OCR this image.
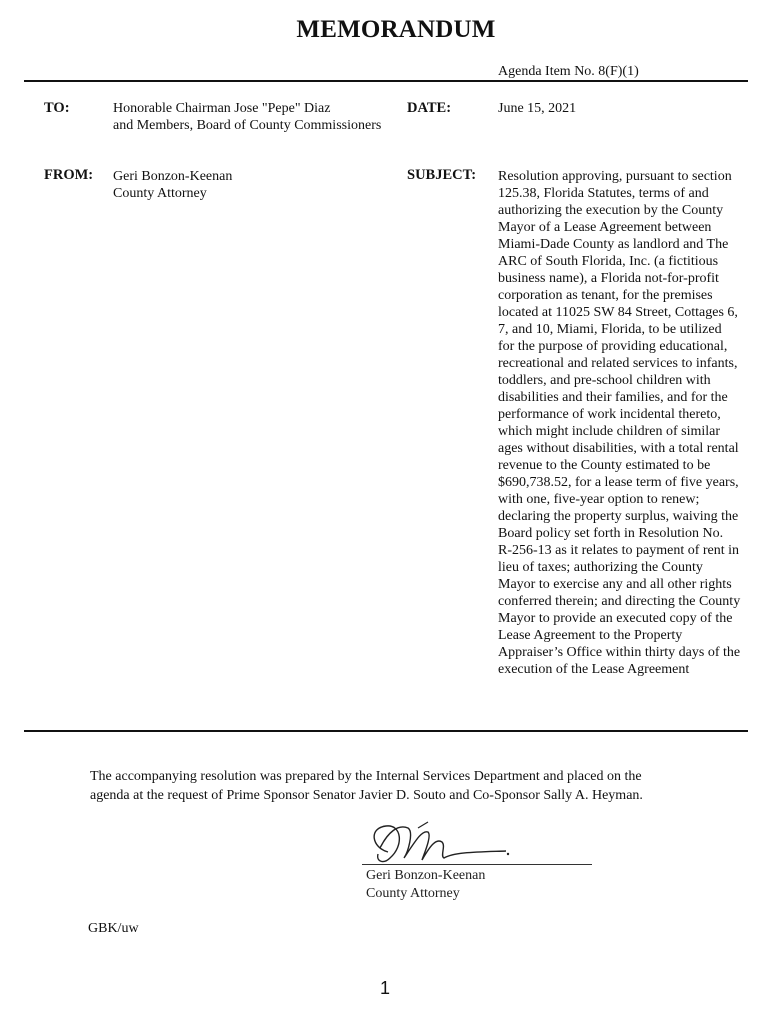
MEMORANDUM
Agenda Item No. 8(F)(1)
TO:	Honorable Chairman Jose "Pepe" Diaz
and Members, Board of County Commissioners
DATE:	June 15, 2021
FROM: Geri Bonzon-Keenan
County Attorney
SUBJECT: Resolution approving, pursuant to section
125.38, Florida Statutes, terms of and
authorizing the execution by the County
Mayor of a Lease Agreement between
Miami-Dade County as landlord and The
ARC of South Florida, Inc. (a fictitious
business name), a Florida not-for-profit
corporation as tenant, for the premises
located at 11025 SW 84 Street, Cottages 6,
7, and 10, Miami, Florida, to be utilized
for the purpose of providing educational,
recreational and related services to infants,
toddlers, and pre-school children with
disabilities and their families, and for the
performance of work incidental thereto,
which might include children of similar
ages without disabilities, with a total rental
revenue to the County estimated to be
$690,738.52, for a lease term of five years,
with one, five-year option to renew;
declaring the property surplus, waiving the
Board policy set forth in Resolution No.
R-256-13 as it relates to payment of rent in
lieu of taxes; authorizing the County
Mayor to exercise any and all other rights
conferred therein; and directing the County
Mayor to provide an executed copy of the
Lease Agreement to the Property
Appraiser’s Office within thirty days of the
execution of the Lease Agreement
The accompanying resolution was prepared by the Internal Services Department and placed on the
agenda at the request of Prime Sponsor Senator Javier D. Souto and Co-Sponsor Sally A. Heyman.
Geri Bonzon-Keenan
County Attorney
GBK/uw
1
